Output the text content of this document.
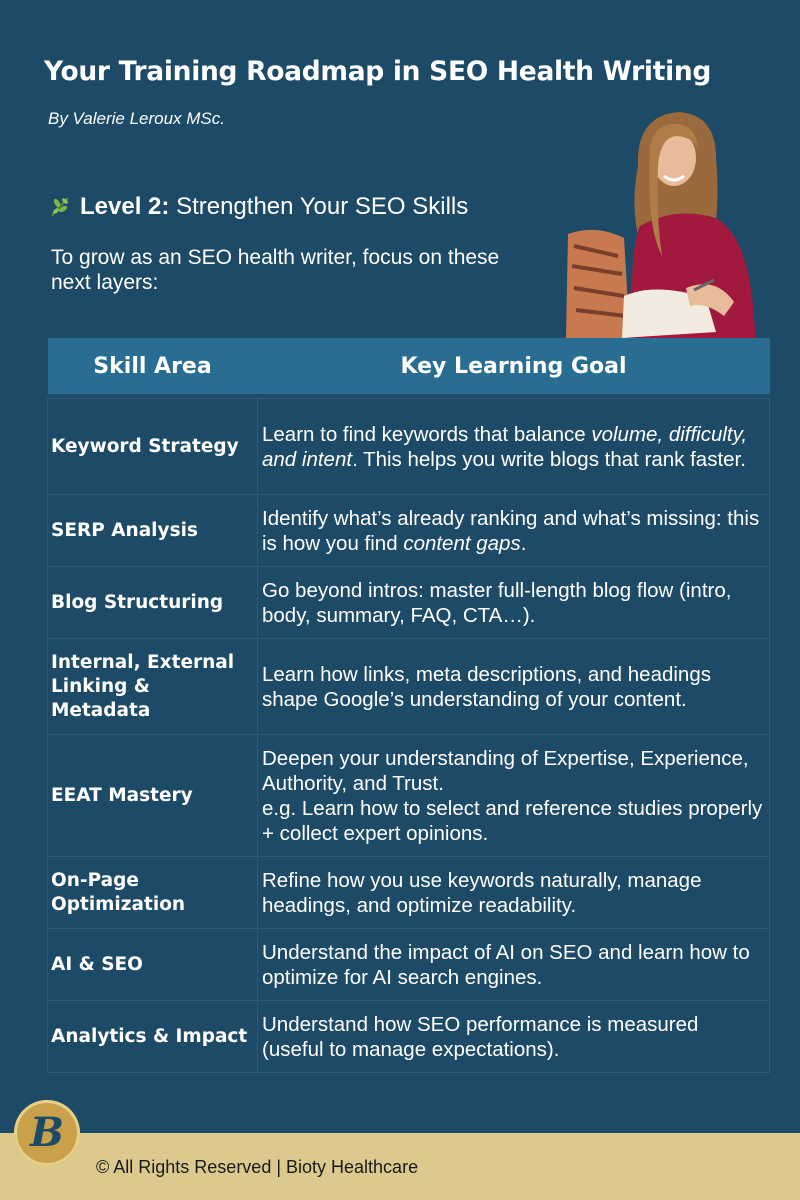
Your Training Roadmap in SEO Health Writing
By Valerie Leroux MSc.
Level 2: Strengthen Your SEO Skills
To grow as an SEO health writer, focus on these next layers:
Skill Area	Key Learning Goal

Keyword Strategy	Learn to find keywords that balance volume, difficulty, and intent. This helps you write blogs that rank faster.
SERP Analysis	Identify what’s already ranking and what’s missing: this is how you find content gaps.
Blog Structuring	Go beyond intros: master full-length blog flow (intro, body, summary, FAQ, CTA…).
Internal, External Linking & Metadata	Learn how links, meta descriptions, and headings shape Google’s understanding of your content.
EEAT Mastery	Deepen your understanding of Expertise, Experience, Authority, and Trust.
e.g. Learn how to select and reference studies properly + collect expert opinions.
On-Page Optimization	Refine how you use keywords naturally, manage headings, and optimize readability.
AI & SEO	Understand the impact of AI on SEO and learn how to optimize for AI search engines.
Analytics & Impact	Understand how SEO performance is measured (useful to manage expectations).
B
© All Rights Reserved | Bioty Healthcare
